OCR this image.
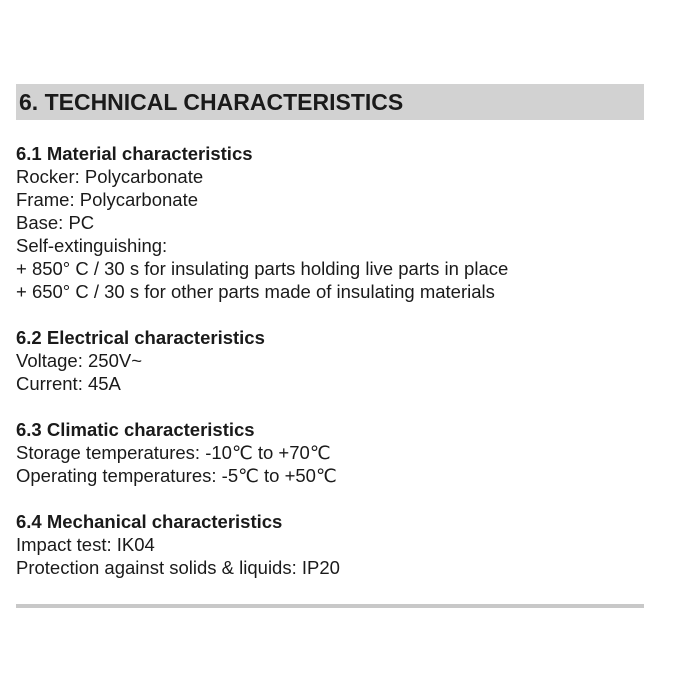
6. TECHNICAL CHARACTERISTICS
6.1 Material characteristics
Rocker: Polycarbonate
Frame: Polycarbonate
Base: PC
Self-extinguishing:
+ 850° C / 30 s for insulating parts holding live parts in place
+ 650° C / 30 s for other parts made of insulating materials
6.2 Electrical characteristics
Voltage: 250V~
Current: 45A
6.3 Climatic characteristics
Storage temperatures: -10℃ to +70℃
Operating temperatures: -5℃ to +50℃
6.4 Mechanical characteristics
Impact test: IK04
Protection against solids & liquids: IP20
